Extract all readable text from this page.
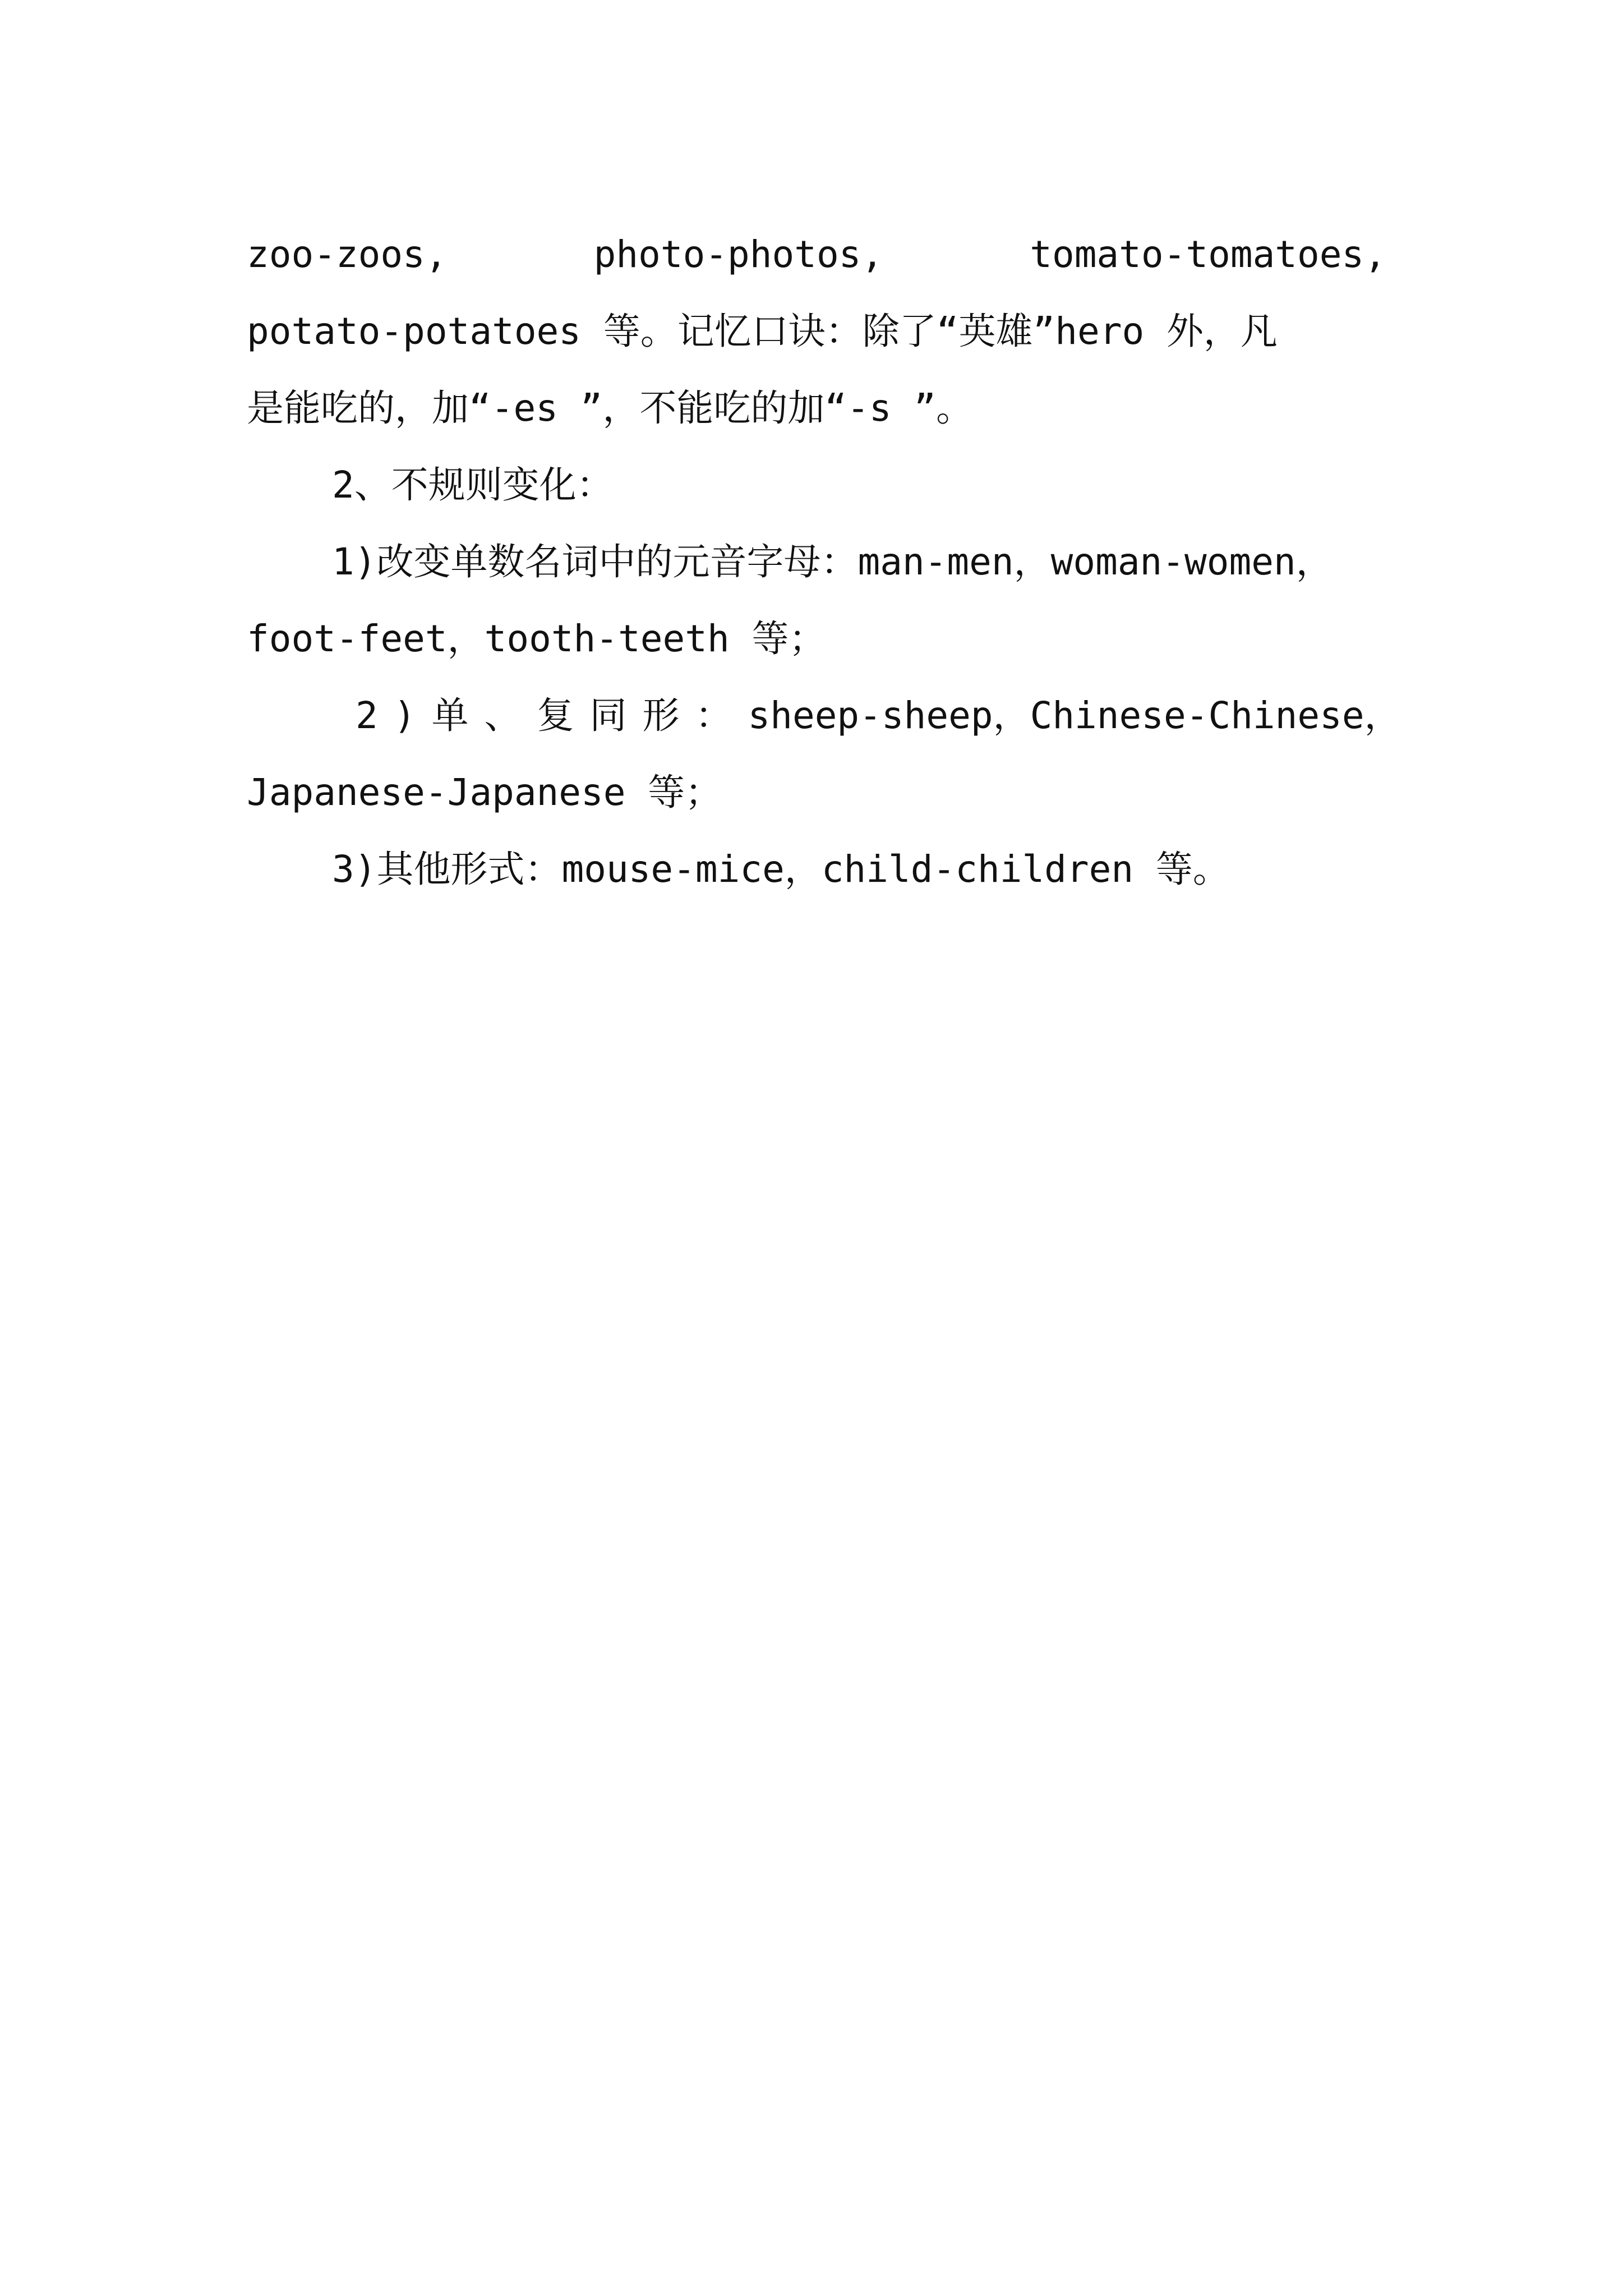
zoo-zoos,	photo-photos,	tomato-tomatoes,
potato-potatoes 等。记忆口诀：除了“英雄”hero 外，凡
是能吃的，加“-es ”，不能吃的加“-s ”。
2、不规则变化：
1)改变单数名词中的元音字母：man-men，woman-women，
foot-feet，tooth-teeth 等；
2)单、复同形： sheep-sheep， Chinese-Chinese，
Japanese-Japanese 等；
3)其他形式：mouse-mice，child-children 等。
